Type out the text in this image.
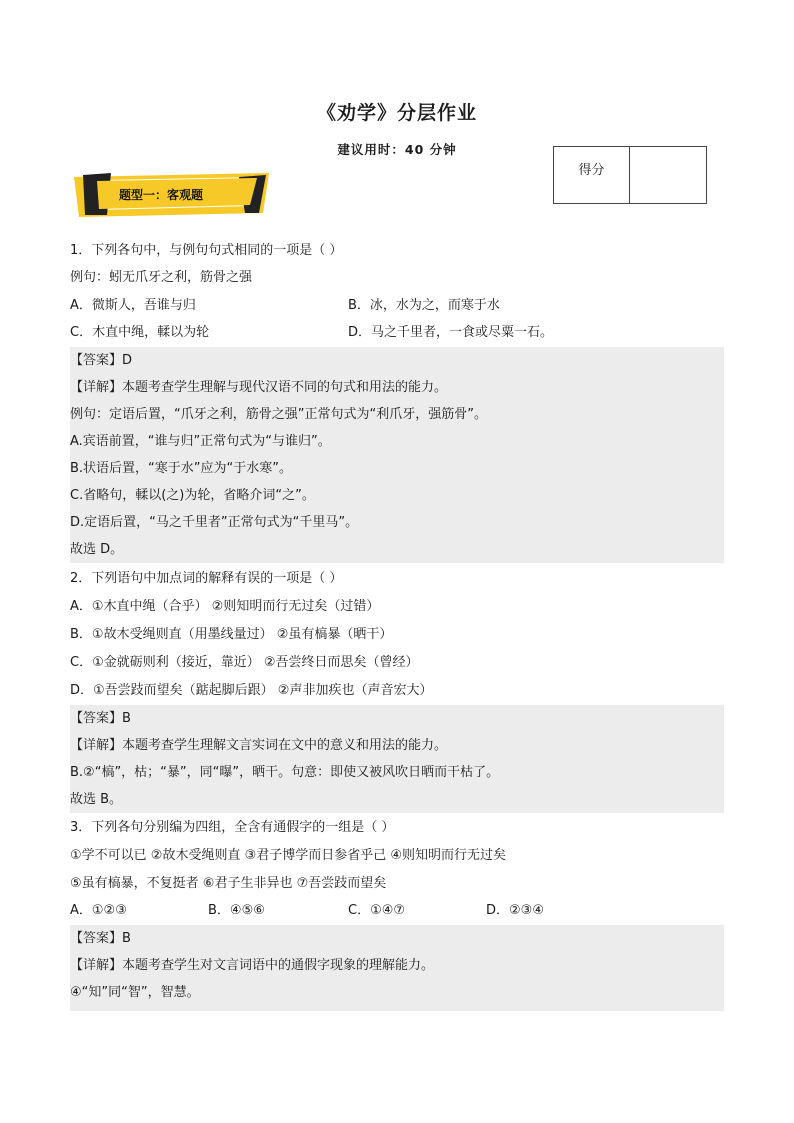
《劝学》分层作业
建议用时：40 分钟
得分
题型一：客观题
1．下列各句中，与例句句式相同的一项是（ ）
例句：蚓无爪牙之利，筋骨之强
A．微斯人，吾谁与归	B．冰，水为之，而寒于水
C．木直中绳，輮以为轮	D．马之千里者，一食或尽粟一石。
【答案】D
【详解】本题考查学生理解与现代汉语不同的句式和用法的能力。
例句：定语后置，“爪牙之利，筋骨之强”正常句式为“利爪牙，强筋骨”。
A.宾语前置，“谁与归”正常句式为“与谁归”。
B.状语后置，“寒于水”应为“于水寒”。
C.省略句，輮以(之)为轮，省略介词“之”。
D.定语后置，“马之千里者”正常句式为“千里马”。
故选 D。
2．下列语句中加点词的解释有误的一项是（ ）
A．①木直中绳（合乎） ②则知明而行无过矣（过错）
B．①故木受绳则直（用墨线量过） ②虽有槁暴（晒干）
C．①金就砺则利（接近，靠近） ②吾尝终日而思矣（曾经）
D．①吾尝跂而望矣（踮起脚后跟） ②声非加疾也（声音宏大）
【答案】B
【详解】本题考查学生理解文言实词在文中的意义和用法的能力。
B.②“槁”，枯；“暴”，同“曝”，晒干。句意：即使又被风吹日晒而干枯了。
故选 B。
3．下列各句分别编为四组，全含有通假字的一组是（ ）
①学不可以已 ②故木受绳则直 ③君子博学而日参省乎己 ④则知明而行无过矣
⑤虽有槁暴，不复挺者 ⑥君子生非异也 ⑦吾尝跂而望矣
A．①②③	B．④⑤⑥	C．①④⑦	D．②③④
【答案】B
【详解】本题考查学生对文言词语中的通假字现象的理解能力。
④“知”同“智”，智慧。
